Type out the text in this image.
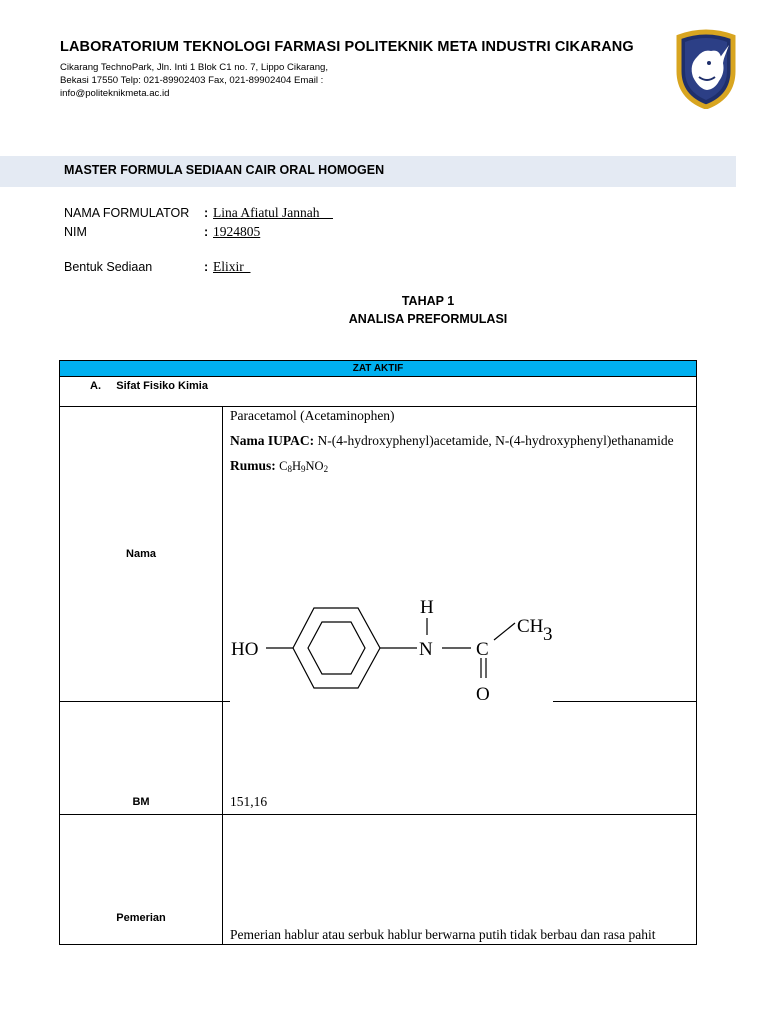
LABORATORIUM TEKNOLOGI FARMASI POLITEKNIK META INDUSTRI CIKARANG
Cikarang TechnoPark, Jln. Inti 1 Blok C1 no. 7, Lippo Cikarang,
Bekasi 17550 Telp: 021-89902403 Fax, 021-89902404 Email :
info@politeknikmeta.ac.id
MASTER FORMULA SEDIAAN CAIR ORAL HOMOGEN
NAMA FORMULATOR : Lina Afiatul Jannah
NIM	: 1924805
Bentuk Sediaan	: Elixir
TAHAP 1
ANALISA PREFORMULASI
ZAT AKTIF	
A.     Sifat Fisiko Kimia	
Nama	Paracetamol (Acetaminophen)
Nama IUPAC: N-(4-hydroxyphenyl)acetamide, N-(4-hydroxyphenyl)ethanamide
Rumus: $C_8H_9NO_2$

BM	151,16

Pemerian	Pemerian hablur atau serbuk hablur berwarna putih tidak berbau dan rasa pahit
HO	N
H
C
O
CH 3
